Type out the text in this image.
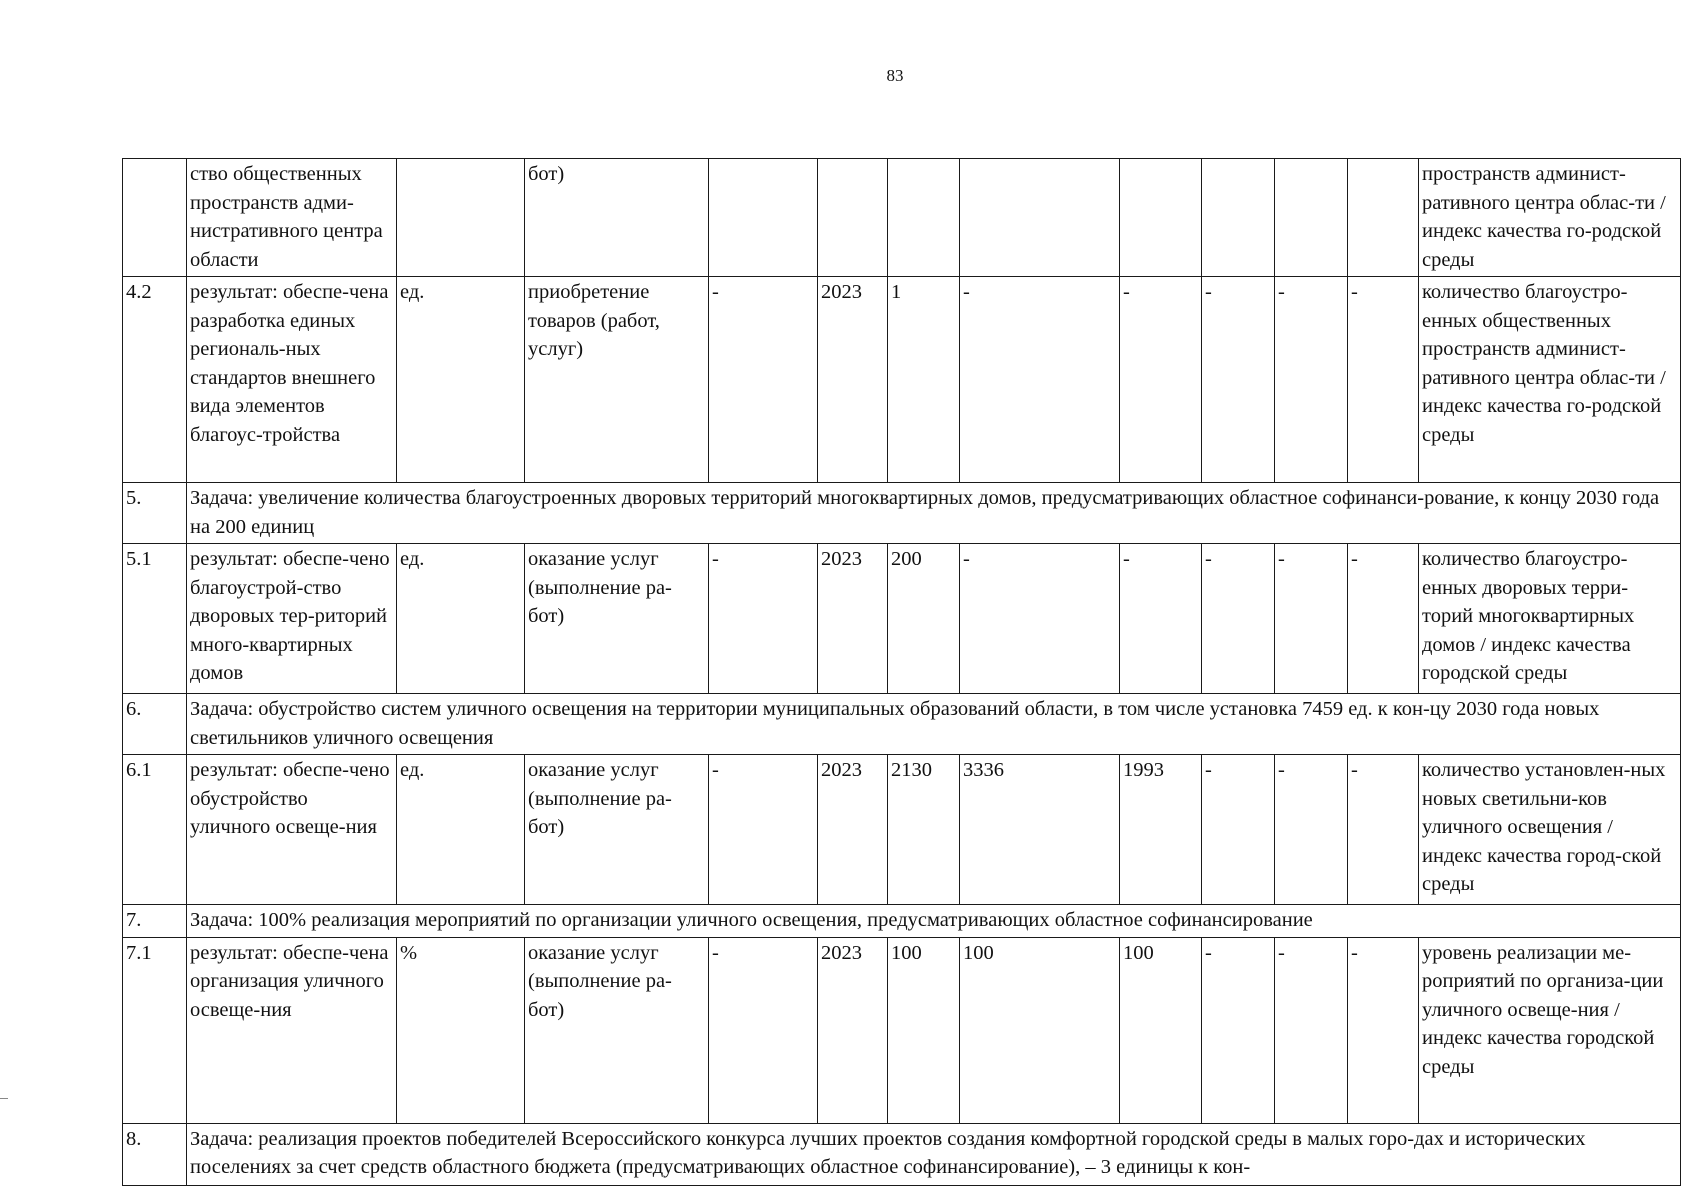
83
	ство общественных пространств адми-нистративного центра области		бот)									пространств админист-ративного центра облас-ти / индекс качества го-родской среды
4.2	результат: обеспе-чена разработка единых региональ-ных стандартов внешнего вида элементов благоус-тройства	ед.	приобретение товаров (работ, услуг)	-	2023	1	-	-	-	-	-	количество благоустро-енных общественных пространств админист-ративного центра облас-ти / индекс качества го-родской среды
5.	Задача: увеличение количества благоустроенных дворовых территорий многоквартирных домов, предусматривающих областное софинанси-рование, к концу 2030 года на 200 единиц											
5.1	результат: обеспе-чено благоустрой-ство дворовых тер-риторий много-квартирных домов	ед.	оказание услуг (выполнение ра-бот)	-	2023	200	-	-	-	-	-	количество благоустро-енных дворовых терри-торий многоквартирных домов / индекс качества городской среды
6.	Задача: обустройство систем уличного освещения на территории муниципальных образований области, в том числе установка 7459 ед. к кон-цу 2030 года новых светильников уличного освещения											
6.1	результат: обеспе-чено обустройство уличного освеще-ния	ед.	оказание услуг (выполнение ра-бот)	-	2023	2130	3336	1993	-	-	-	количество установлен-ных новых светильни-ков уличного освещения / индекс качества город-ской среды
7.	Задача: 100% реализация мероприятий по организации уличного освещения, предусматривающих областное софинансирование											
7.1	результат: обеспе-чена организация уличного освеще-ния	%	оказание услуг (выполнение ра-бот)	-	2023	100	100	100	-	-	-	уровень реализации ме-роприятий по организа-ции уличного освеще-ния / индекс качества городской среды
8.	Задача: реализация проектов победителей Всероссийского конкурса лучших проектов создания комфортной городской среды в малых горо-дах и исторических поселениях за счет средств областного бюджета (предусматривающих областное софинансирование), – 3 единицы к кон-											
